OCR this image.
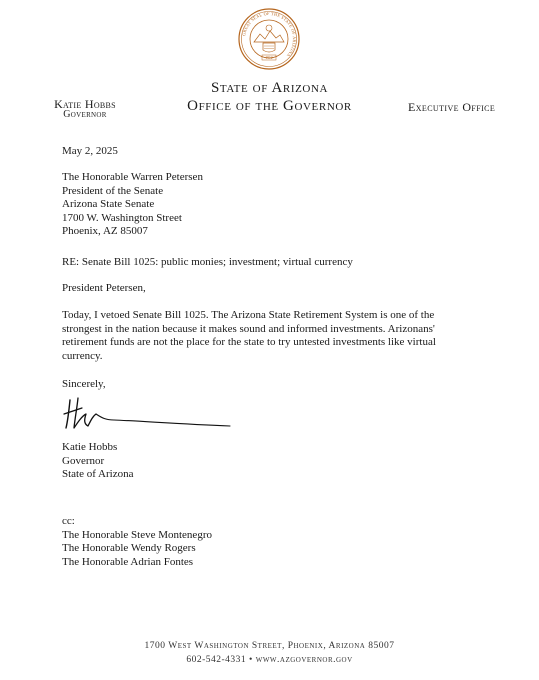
GREAT SEAL OF THE STATE OF ARIZONA
1912
Katie Hobbs
Governor
State of Arizona
Office of the Governor	Executive Office
May 2, 2025
The Honorable Warren Petersen
President of the Senate
Arizona State Senate
1700 W. Washington Street
Phoenix, AZ 85007
RE: Senate Bill 1025: public monies; investment; virtual currency
President Petersen,
Today, I vetoed Senate Bill 1025. The Arizona State Retirement System is one of the
strongest in the nation because it makes sound and informed investments. Arizonans'
retirement funds are not the place for the state to try untested investments like virtual
currency.
Sincerely,
Katie Hobbs
Governor
State of Arizona
cc:
The Honorable Steve Montenegro
The Honorable Wendy Rogers
The Honorable Adrian Fontes
1700 West Washington Street, Phoenix, Arizona 85007
602-542-4331 • www.azgovernor.gov
